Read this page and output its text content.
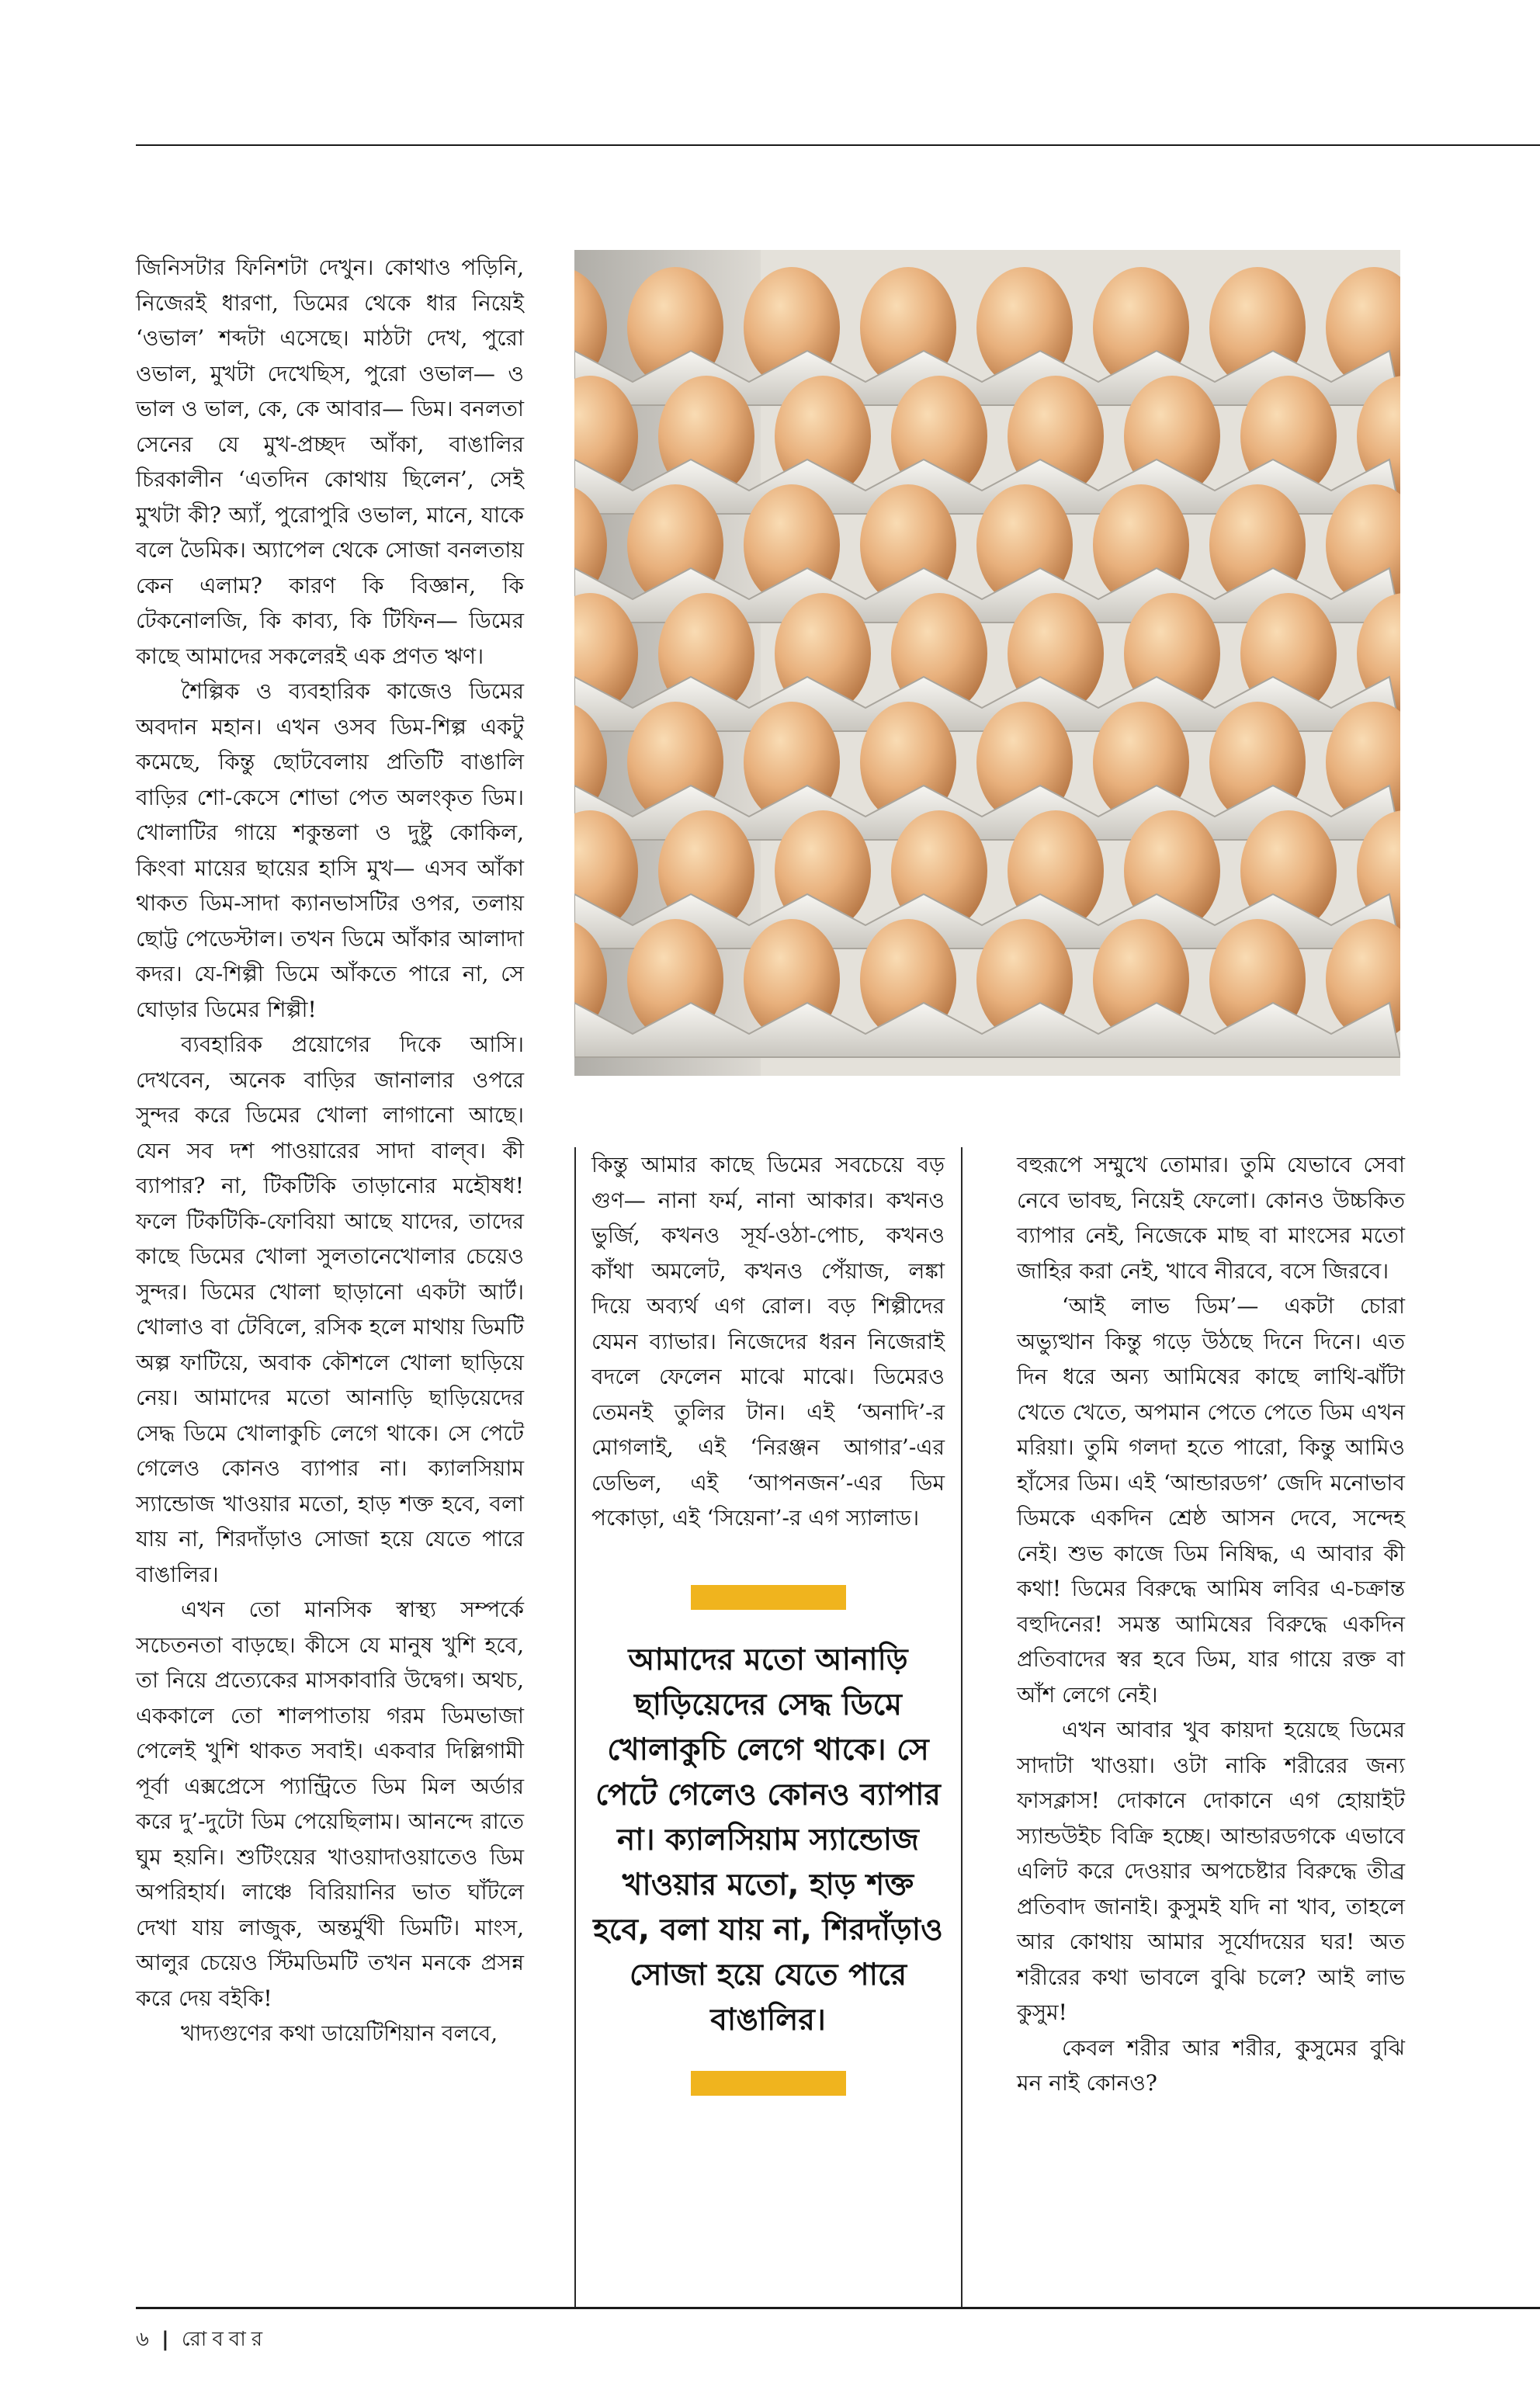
জিনিসটার ফিনিশটা দেখুন। কোথাও পড়িনি, নিজেরই ধারণা, ডিমের থেকে ধার নিয়েই ‘ওভাল’ শব্দটা এসেছে। মাঠটা দেখ, পুরো ওভাল, মুখটা দেখেছিস, পুরো ওভাল— ও ভাল ও ভাল, কে, কে আবার— ডিম। বনলতা সেনের যে মুখ-প্রচ্ছদ আঁকা, বাঙালির চিরকালীন ‘এতদিন কোথায় ছিলেন’, সেই মুখটা কী? অ্যাঁ, পুরোপুরি ওভাল, মানে, যাকে বলে ডৈমিক। অ্যাপেল থেকে সোজা বনলতায় কেন এলাম? কারণ কি বিজ্ঞান, কি টেকনোলজি, কি কাব্য, কি টিফিন— ডিমের কাছে আমাদের সকলেরই এক প্রণত ঋণ।

শৈল্পিক ও ব্যবহারিক কাজেও ডিমের অবদান মহান। এখন ওসব ডিম-শিল্প একটু কমেছে, কিন্তু ছোটবেলায় প্রতিটি বাঙালি বাড়ির শো-কেসে শোভা পেত অলংকৃত ডিম। খোলাটির গায়ে শকুন্তলা ও দুষ্টু কোকিল, কিংবা মায়ের ছায়ের হাসি মুখ— এসব আঁকা থাকত ডিম-সাদা ক্যানভাসটির ওপর, তলায় ছোট্ট পেডেস্টাল। তখন ডিমে আঁকার আলাদা কদর। যে-শিল্পী ডিমে আঁকতে পারে না, সে ঘোড়ার ডিমের শিল্পী!

ব্যবহারিক প্রয়োগের দিকে আসি। দেখবেন, অনেক বাড়ির জানালার ওপরে সুন্দর করে ডিমের খোলা লাগানো আছে। যেন সব দশ পাওয়ারের সাদা বাল্‌ব। কী ব্যাপার? না, টিকটিকি তাড়ানোর মহৌষধ! ফলে টিকটিকি-ফোবিয়া আছে যাদের, তাদের কাছে ডিমের খোলা সুলতানেখোলার চেয়েও সুন্দর। ডিমের খোলা ছাড়ানো একটা আর্ট। খোলাও বা টেবিলে, রসিক হলে মাথায় ডিমটি অল্প ফাটিয়ে, অবাক কৌশলে খোলা ছাড়িয়ে নেয়। আমাদের মতো আনাড়ি ছাড়িয়েদের সেদ্ধ ডিমে খোলাকুচি লেগে থাকে। সে পেটে গেলেও কোনও ব্যাপার না। ক্যালসিয়াম স্যান্ডোজ খাওয়ার মতো, হাড় শক্ত হবে, বলা যায় না, শিরদাঁড়াও সোজা হয়ে যেতে পারে বাঙালির।

এখন তো মানসিক স্বাস্থ্য সম্পর্কে সচেতনতা বাড়ছে। কীসে যে মানুষ খুশি হবে, তা নিয়ে প্রত্যেকের মাসকাবারি উদ্বেগ। অথচ, এককালে তো শালপাতায় গরম ডিমভাজা পেলেই খুশি থাকত সবাই। একবার দিল্লিগামী পূর্বা এক্সপ্রেসে প্যান্ট্রিতে ডিম মিল অর্ডার করে দু’-দুটো ডিম পেয়েছিলাম। আনন্দে রাতে ঘুম হয়নি। শুটিংয়ের খাওয়াদাওয়াতেও ডিম অপরিহার্য। লাঞ্চে বিরিয়ানির ভাত ঘাঁটলে দেখা যায় লাজুক, অন্তর্মুখী ডিমটি। মাংস, আলুর চেয়েও স্টিমডিমটি তখন মনকে প্রসন্ন করে দেয় বইকি!

খাদ্যগুণের কথা ডায়েটিশিয়ান বলবে,

কিন্তু আমার কাছে ডিমের সবচেয়ে বড় গুণ— নানা ফর্ম, নানা আকার। কখনও ভুর্জি, কখনও সূর্য-ওঠা-পোচ, কখনও কাঁথা অমলেট, কখনও পেঁয়াজ, লঙ্কা দিয়ে অব্যর্থ এগ রোল। বড় শিল্পীদের যেমন ব্যাভার। নিজেদের ধরন নিজেরাই বদলে ফেলেন মাঝে মাঝে। ডিমেরও তেমনই তুলির টান। এই ‘অনাদি’-র মোগলাই, এই ‘নিরঞ্জন আগার’-এর ডেভিল, এই ‘আপনজন’-এর ডিম পকোড়া, এই ‘সিয়েনা’-র এগ স্যালাড।

আমাদের মতো আনাড়ি ছাড়িয়েদের সেদ্ধ ডিমে খোলাকুচি লেগে থাকে। সে পেটে গেলেও কোনও ব্যাপার না। ক্যালসিয়াম স্যান্ডোজ খাওয়ার মতো, হাড় শক্ত হবে, বলা যায় না, শিরদাঁড়াও সোজা হয়ে যেতে পারে বাঙালির।

বহুরূপে সম্মুখে তোমার। তুমি যেভাবে সেবা নেবে ভাবছ, নিয়েই ফেলো। কোনও উচ্চকিত ব্যাপার নেই, নিজেকে মাছ বা মাংসের মতো জাহির করা নেই, খাবে নীরবে, বসে জিরবে।

‘আই লাভ ডিম’— একটা চোরা অভ্যুত্থান কিন্তু গড়ে উঠছে দিনে দিনে। এত দিন ধরে অন্য আমিষের কাছে লাথি-ঝাঁটা খেতে খেতে, অপমান পেতে পেতে ডিম এখন মরিয়া। তুমি গলদা হতে পারো, কিন্তু আমিও হাঁসের ডিম। এই ‘আন্ডারডগ’ জেদি মনোভাব ডিমকে একদিন শ্রেষ্ঠ আসন দেবে, সন্দেহ নেই। শুভ কাজে ডিম নিষিদ্ধ, এ আবার কী কথা! ডিমের বিরুদ্ধে আমিষ লবির এ-চক্রান্ত বহুদিনের! সমস্ত আমিষের বিরুদ্ধে একদিন প্রতিবাদের স্বর হবে ডিম, যার গায়ে রক্ত বা আঁশ লেগে নেই।

এখন আবার খুব কায়দা হয়েছে ডিমের সাদাটা খাওয়া। ওটা নাকি শরীরের জন্য ফাসক্লাস! দোকানে দোকানে এগ হোয়াইট স্যান্ডউইচ বিক্রি হচ্ছে। আন্ডারডগকে এভাবে এলিট করে দেওয়ার অপচেষ্টার বিরুদ্ধে তীব্র প্রতিবাদ জানাই। কুসুমই যদি না খাব, তাহলে আর কোথায় আমার সূর্যোদয়ের ঘর! অত শরীরের কথা ভাবলে বুঝি চলে? আই লাভ কুসুম!

কেবল শরীর আর শরীর, কুসুমের বুঝি মন নাই কোনও?

৬ | রোববার
